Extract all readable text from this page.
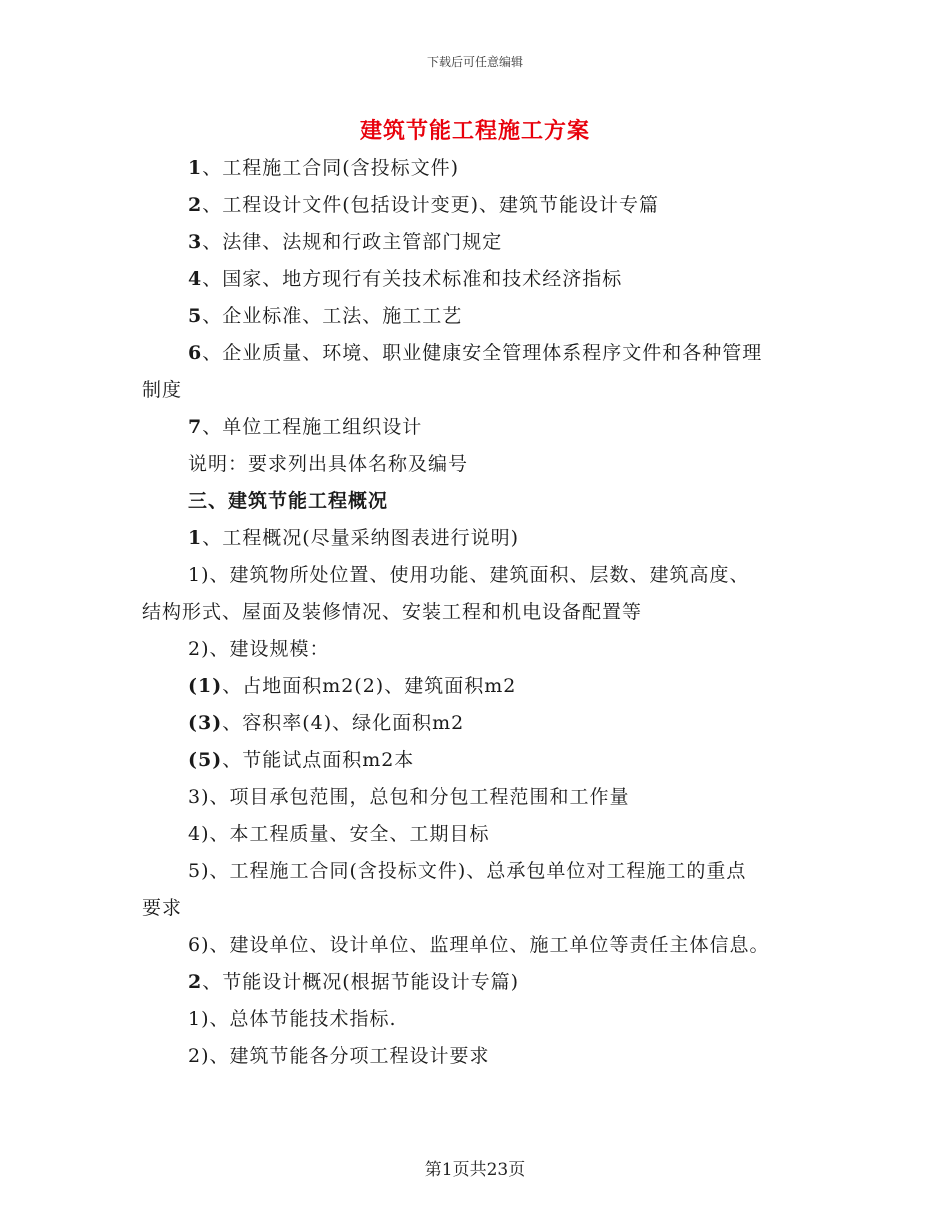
下载后可任意编辑
建筑节能工程施工方案
1、工程施工合同(含投标文件)
2、工程设计文件(包括设计变更)、建筑节能设计专篇
3、法律、法规和行政主管部门规定
4、国家、地方现行有关技术标准和技术经济指标
5、企业标准、工法、施工工艺
6、企业质量、环境、职业健康安全管理体系程序文件和各种管理
制度
7、单位工程施工组织设计
说明：要求列出具体名称及编号
三、建筑节能工程概况
1、工程概况(尽量采纳图表进行说明)
1)、建筑物所处位置、使用功能、建筑面积、层数、建筑高度、
结构形式、屋面及装修情况、安装工程和机电设备配置等
2)、建设规模：
(1)、占地面积m2(2)、建筑面积m2
(3)、容积率(4)、绿化面积m2
(5)、节能试点面积m2本
3)、项目承包范围，总包和分包工程范围和工作量
4)、本工程质量、安全、工期目标
5)、工程施工合同(含投标文件)、总承包单位对工程施工的重点
要求
6)、建设单位、设计单位、监理单位、施工单位等责任主体信息。
2、节能设计概况(根据节能设计专篇)
1)、总体节能技术指标.
2)、建筑节能各分项工程设计要求
第1页共23页
